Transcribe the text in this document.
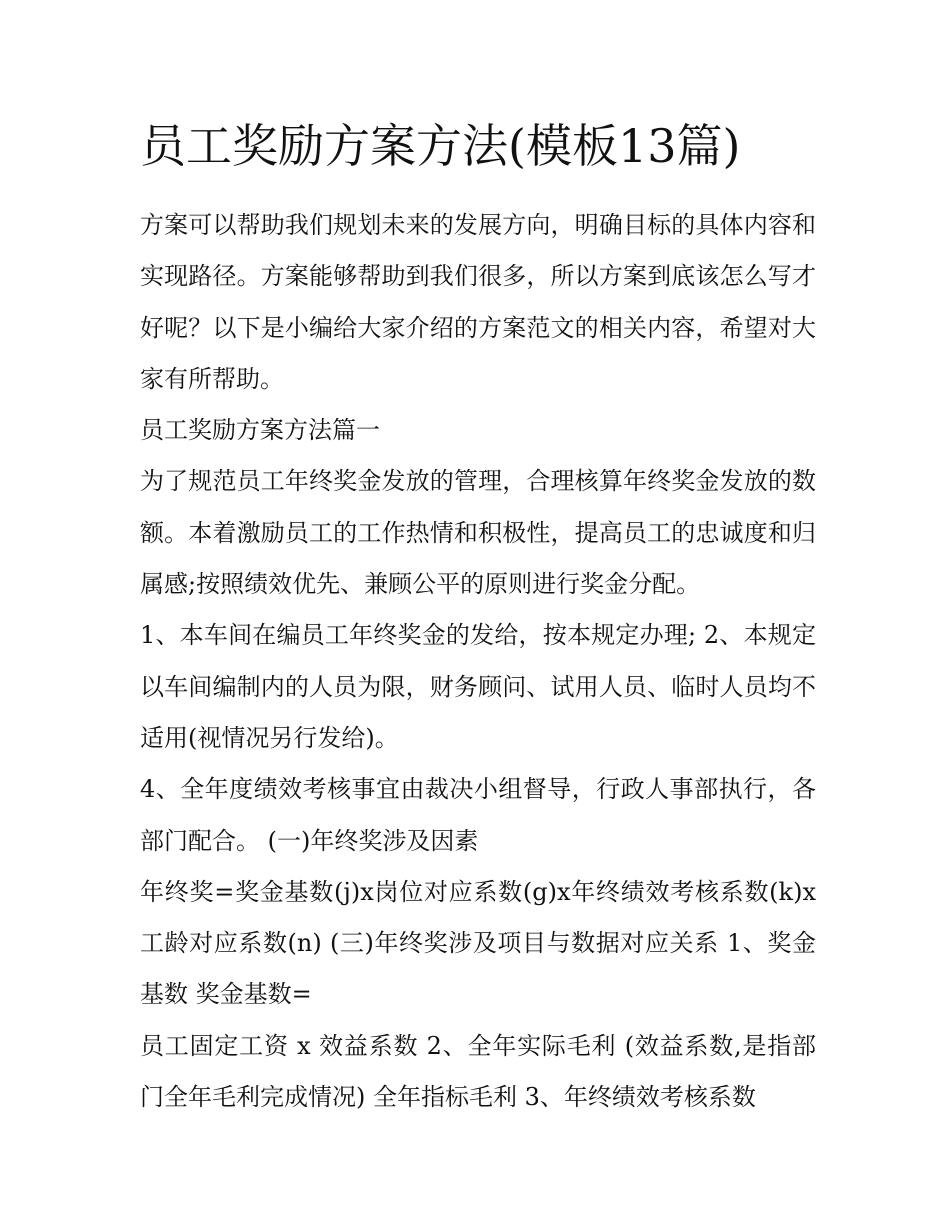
员工奖励方案方法(模板13篇)

方案可以帮助我们规划未来的发展方向，明确目标的具体内容和实现路径。方案能够帮助到我们很多，所以方案到底该怎么写才好呢？以下是小编给大家介绍的方案范文的相关内容，希望对大家有所帮助。

员工奖励方案方法篇一

为了规范员工年终奖金发放的管理，合理核算年终奖金发放的数额。本着激励员工的工作热情和积极性，提高员工的忠诚度和归属感;按照绩效优先、兼顾公平的原则进行奖金分配。

1、本车间在编员工年终奖金的发给，按本规定办理; 2、本规定以车间编制内的人员为限，财务顾问、试用人员、临时人员均不适用(视情况另行发给)。

4、全年度绩效考核事宜由裁决小组督导，行政人事部执行，各部门配合。 (一)年终奖涉及因素

年终奖=奖金基数(j)x岗位对应系数(g)x年终绩效考核系数(k)x工龄对应系数(n) (三)年终奖涉及项目与数据对应关系 1、奖金基数 奖金基数=

员工固定工资 x 效益系数 2、全年实际毛利 (效益系数,是指部门全年毛利完成情况) 全年指标毛利 3、年终绩效考核系数
